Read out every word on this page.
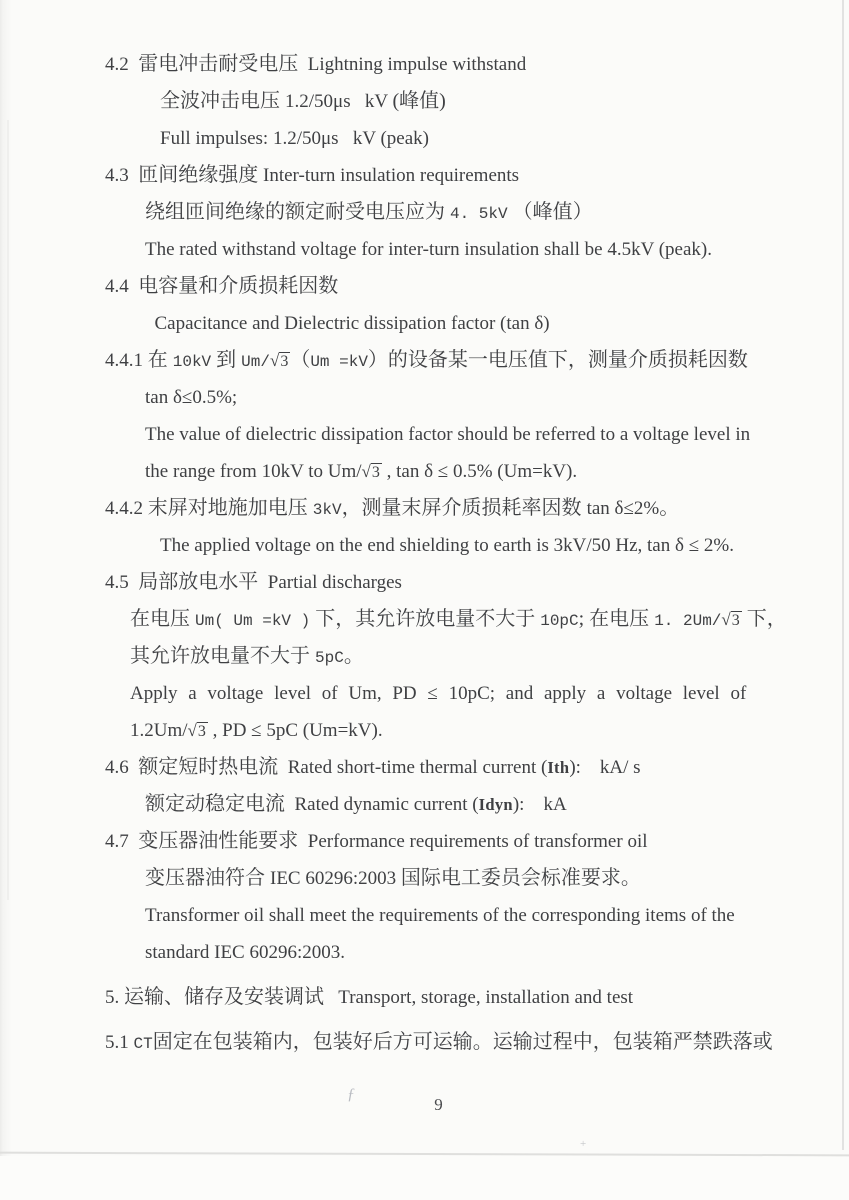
4.2  雷电冲击耐受电压  Lightning impulse withstand
全波冲击电压 1.2/50μs   kV (峰值)
Full impulses: 1.2/50μs   kV (peak)
4.3  匝间绝缘强度 Inter-turn insulation requirements
绕组匝间绝缘的额定耐受电压应为 4. 5kV （峰值）
The rated withstand voltage for inter-turn insulation shall be 4.5kV (peak).
4.4  电容量和介质损耗因数
Capacitance and Dielectric dissipation factor (tan δ)
4.4.1 在 10kV 到 Um/√3 （Um =kV）的设备某一电压值下，测量介质损耗因数
tan δ≤0.5%;
The value of dielectric dissipation factor should be referred to a voltage level in
the range from 10kV to Um/√3 , tan δ ≤ 0.5% (Um=kV).
4.4.2 末屏对地施加电压 3kV，测量末屏介质损耗率因数 tan δ≤2%。
The applied voltage on the end shielding to earth is 3kV/50 Hz, tan δ ≤ 2%.
4.5  局部放电水平  Partial discharges
在电压 Um( Um =kV ) 下，其允许放电量不大于 10pC; 在电压 1. 2Um/√3 下，
其允许放电量不大于 5pC。
Apply a voltage level of Um, PD ≤ 10pC; and apply a voltage level of
1.2Um/√3 , PD ≤ 5pC (Um=kV).
4.6  额定短时热电流  Rated short-time thermal current (Ith):    kA/ s
额定动稳定电流  Rated dynamic current (Idyn):    kA
4.7  变压器油性能要求  Performance requirements of transformer oil
变压器油符合 IEC 60296:2003 国际电工委员会标准要求。
Transformer oil shall meet the requirements of the corresponding items of the
standard IEC 60296:2003.
5. 运输、储存及安装调试   Transport, storage, installation and test
5.1 CT固定在包装箱内，包装好后方可运输。运输过程中，包装箱严禁跌落或
ƒ
+
9
